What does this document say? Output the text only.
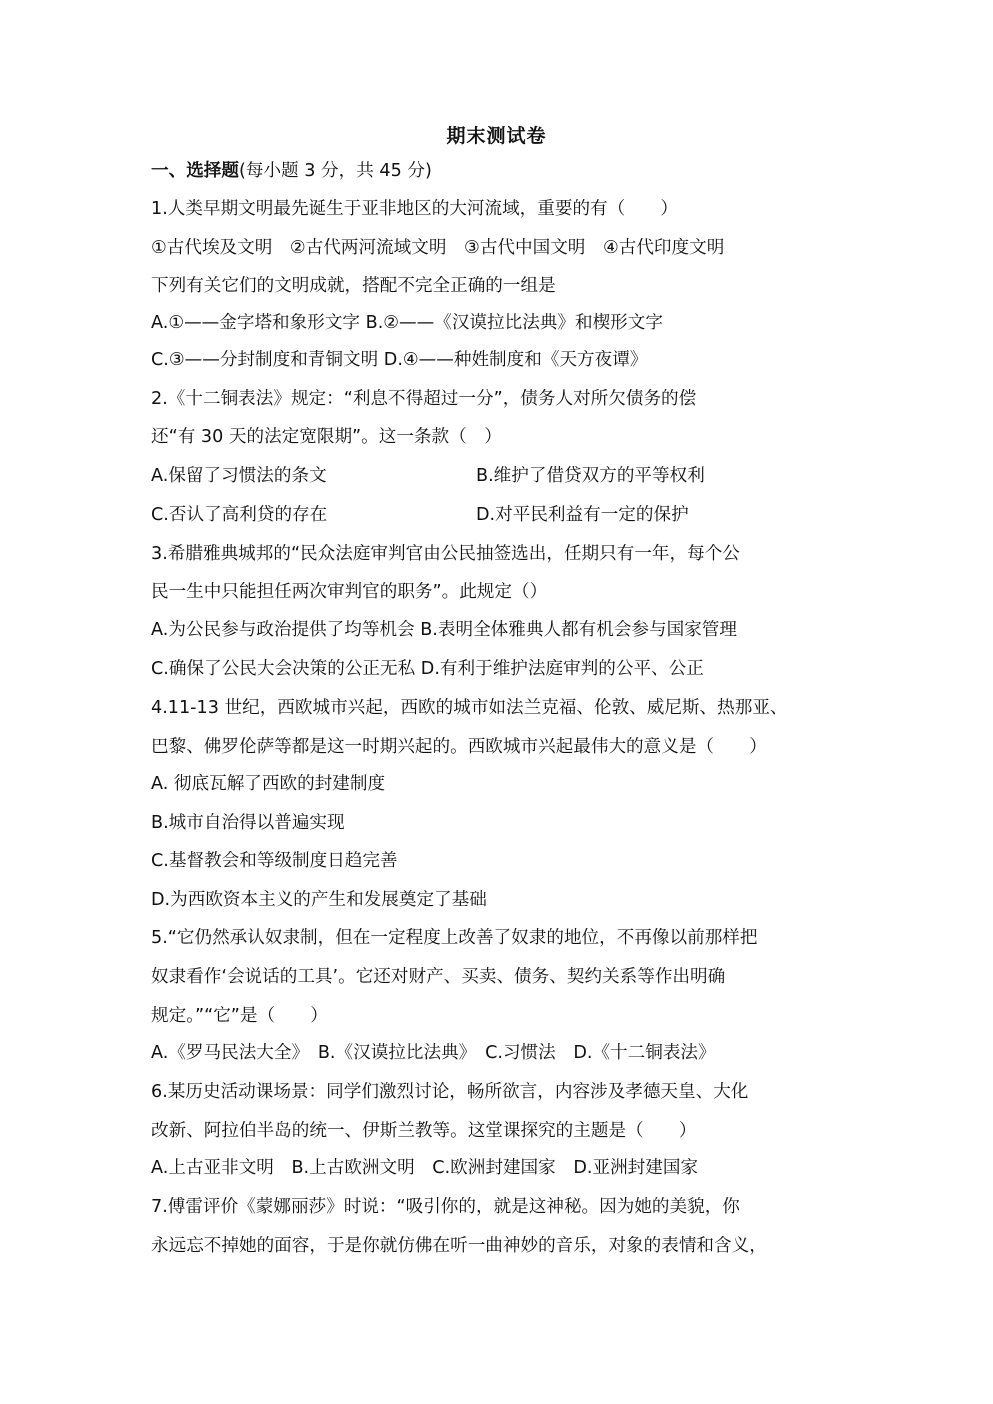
期末测试卷
一、选择题(每小题 3 分，共 45 分)
1.人类早期文明最先诞生于亚非地区的大河流域，重要的有（　　）
①古代埃及文明　②古代两河流域文明　③古代中国文明　④古代印度文明
下列有关它们的文明成就，搭配不完全正确的一组是
A.①——金字塔和象形文字 B.②——《汉谟拉比法典》和楔形文字
C.③——分封制度和青铜文明 D.④——种姓制度和《天方夜谭》
2.《十二铜表法》规定：“利息不得超过一分”，债务人对所欠债务的偿
还“有 30 天的法定宽限期”。这一条款（　）
A.保留了习惯法的条文	B.维护了借贷双方的平等权利
C.否认了高利贷的存在	D.对平民利益有一定的保护
3.希腊雅典城邦的“民众法庭审判官由公民抽签选出，任期只有一年，每个公
民一生中只能担任两次审判官的职务”。此规定（）
A.为公民参与政治提供了均等机会 B.表明全体雅典人都有机会参与国家管理
C.确保了公民大会决策的公正无私 D.有利于维护法庭审判的公平、公正
4.11-13 世纪，西欧城市兴起，西欧的城市如法兰克福、伦敦、威尼斯、热那亚、
巴黎、佛罗伦萨等都是这一时期兴起的。西欧城市兴起最伟大的意义是（　　）
A. 彻底瓦解了西欧的封建制度
B.城市自治得以普遍实现
C.基督教会和等级制度日趋完善
D.为西欧资本主义的产生和发展奠定了基础
5.“它仍然承认奴隶制，但在一定程度上改善了奴隶的地位，不再像以前那样把
奴隶看作‘会说话的工具’。它还对财产、买卖、债务、契约关系等作出明确
规定。”“它”是（　　）
A.《罗马民法大全》　B.《汉谟拉比法典》　C.习惯法　D.《十二铜表法》
6.某历史活动课场景：同学们激烈讨论，畅所欲言，内容涉及孝德天皇、大化
改新、阿拉伯半岛的统一、伊斯兰教等。这堂课探究的主题是（　　）
A.上古亚非文明　B.上古欧洲文明　C.欧洲封建国家　D.亚洲封建国家
7.傅雷评价《蒙娜丽莎》时说：“吸引你的，就是这神秘。因为她的美貌，你
永远忘不掉她的面容，于是你就仿佛在听一曲神妙的音乐，对象的表情和含义，
